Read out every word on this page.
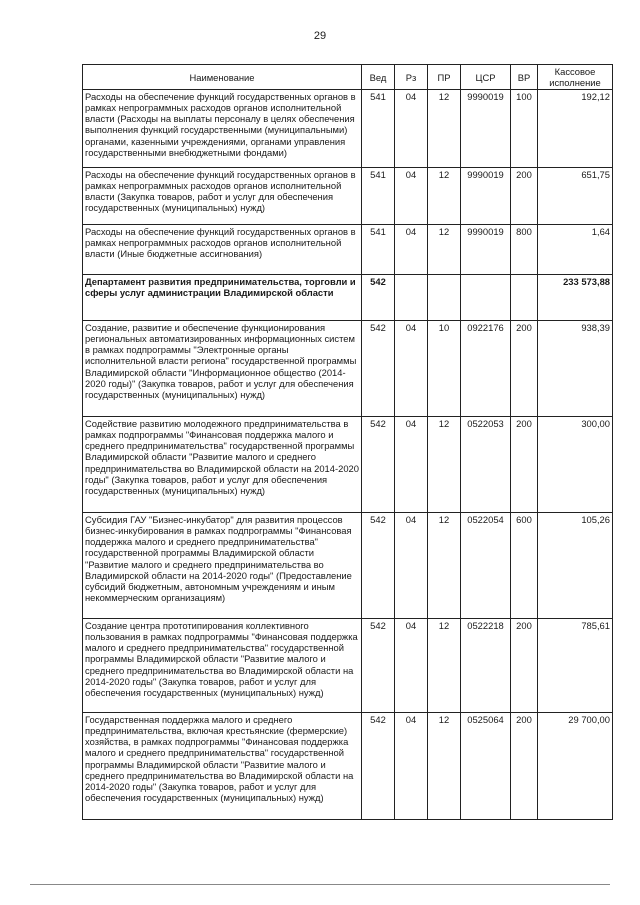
29
Наименование	Вед	Рз	ПР	ЦСР	ВР	Кассовое исполнение
Расходы на обеспечение функций государственных органов в рамках непрограммных расходов органов исполнительной власти (Расходы на выплаты персоналу в целях обеспечения выполнения функций государственными (муниципальными) органами, казенными учреждениями, органами управления государственными внебюджетными фондами)	541	04	12	9990019	100	192,12
Расходы на обеспечение функций государственных органов в рамках непрограммных расходов органов исполнительной власти (Закупка товаров, работ и услуг для обеспечения государственных (муниципальных) нужд)	541	04	12	9990019	200	651,75
Расходы на обеспечение функций государственных органов в рамках непрограммных расходов органов исполнительной власти (Иные бюджетные ассигнования)	541	04	12	9990019	800	1,64
Департамент развития предпринимательства, торговли и сферы услуг администрации Владимирской области	542					233 573,88
Создание, развитие и обеспечение функционирования региональных автоматизированных информационных систем в рамках подпрограммы "Электронные органы исполнительной власти региона" государственной программы Владимирской области "Информационное общество (2014-2020 годы)" (Закупка товаров, работ и услуг для обеспечения государственных (муниципальных) нужд)	542	04	10	0922176	200	938,39
Содействие развитию молодежного предпринимательства в рамках подпрограммы "Финансовая поддержка малого и среднего предпринимательства" государственной программы Владимирской области "Развитие малого и среднего предпринимательства во Владимирской области на 2014-2020 годы" (Закупка товаров, работ и услуг для обеспечения государственных (муниципальных) нужд)	542	04	12	0522053	200	300,00
Субсидия ГАУ "Бизнес-инкубатор" для развития процессов бизнес-инкубирования в рамках подпрограммы "Финансовая поддержка малого и среднего предпринимательства" государственной программы Владимирской области "Развитие малого и среднего предпринимательства во Владимирской области на 2014-2020 годы" (Предоставление субсидий бюджетным, автономным учреждениям и иным некоммерческим организациям)	542	04	12	0522054	600	105,26
Создание центра прототипирования коллективного пользования в рамках подпрограммы "Финансовая поддержка малого и среднего предпринимательства" государственной программы Владимирской области "Развитие малого и среднего предпринимательства во Владимирской области на 2014-2020 годы" (Закупка товаров, работ и услуг для обеспечения государственных (муниципальных) нужд)	542	04	12	0522218	200	785,61
Государственная поддержка малого и среднего предпринимательства, включая крестьянские (фермерские) хозяйства, в рамках подпрограммы "Финансовая поддержка малого и среднего предпринимательства" государственной программы Владимирской области "Развитие малого и среднего предпринимательства во Владимирской области на 2014-2020 годы" (Закупка товаров, работ и услуг для обеспечения государственных (муниципальных) нужд)	542	04	12	0525064	200	29 700,00
